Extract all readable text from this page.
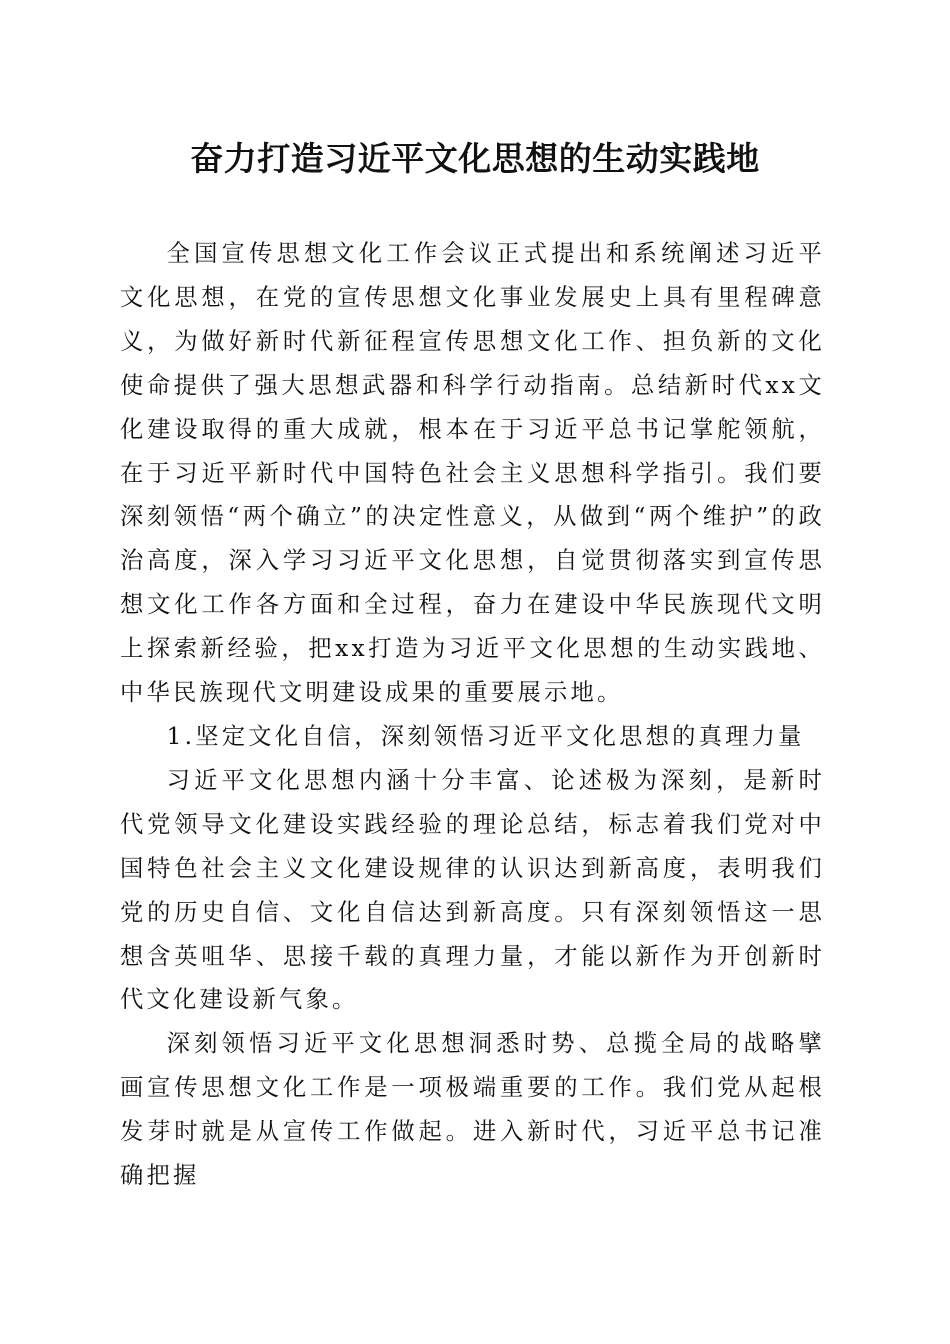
奋力打造习近平文化思想的生动实践地

全国宣传思想文化工作会议正式提出和系统阐述习近平文化思想，在党的宣传思想文化事业发展史上具有里程碑意义，为做好新时代新征程宣传思想文化工作、担负新的文化使命提供了强大思想武器和科学行动指南。总结新时代xx文化建设取得的重大成就，根本在于习近平总书记掌舵领航，在于习近平新时代中国特色社会主义思想科学指引。我们要深刻领悟“两个确立”的决定性意义，从做到“两个维护”的政治高度，深入学习习近平文化思想，自觉贯彻落实到宣传思想文化工作各方面和全过程，奋力在建设中华民族现代文明上探索新经验，把xx打造为习近平文化思想的生动实践地、中华民族现代文明建设成果的重要展示地。

1.坚定文化自信，深刻领悟习近平文化思想的真理力量

习近平文化思想内涵十分丰富、论述极为深刻，是新时代党领导文化建设实践经验的理论总结，标志着我们党对中国特色社会主义文化建设规律的认识达到新高度，表明我们党的历史自信、文化自信达到新高度。只有深刻领悟这一思想含英咀华、思接千载的真理力量，才能以新作为开创新时代文化建设新气象。

深刻领悟习近平文化思想洞悉时势、总揽全局的战略擘画宣传思想文化工作是一项极端重要的工作。我们党从起根发芽时就是从宣传工作做起。进入新时代，习近平总书记准确把握
